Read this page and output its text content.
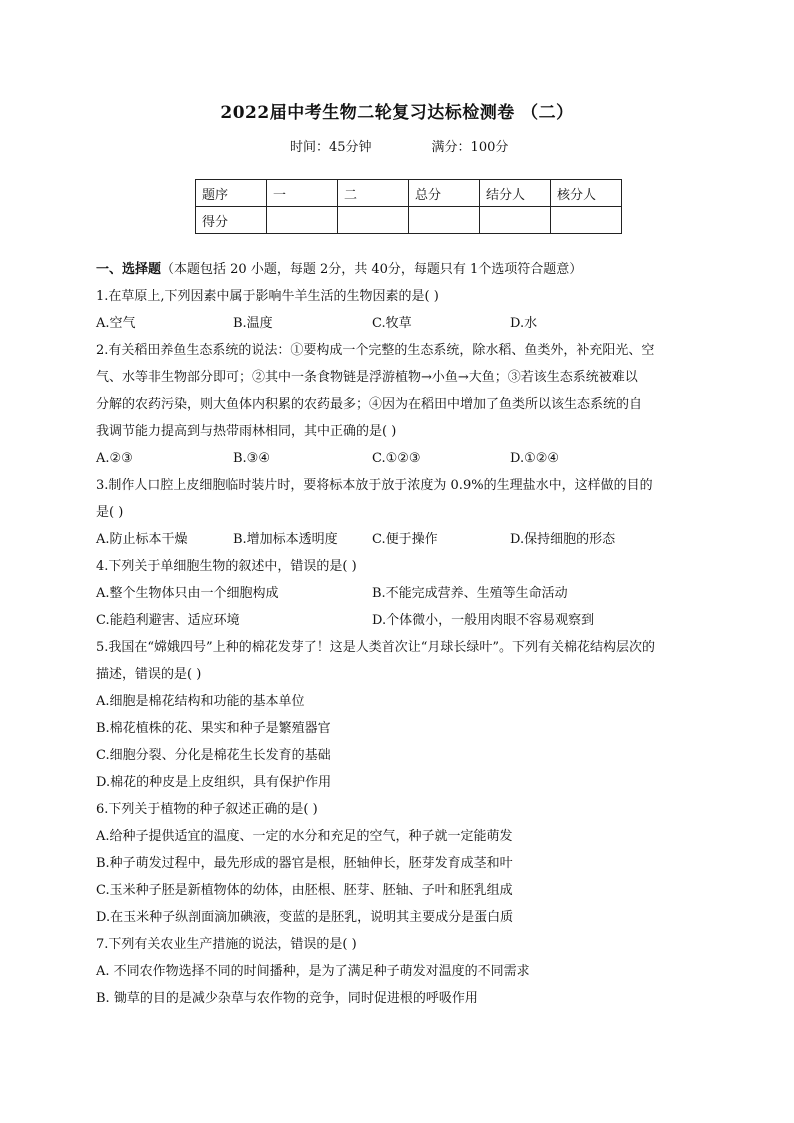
2022届中考生物二轮复习达标检测卷 （二）
时间：45分钟	满分：100分
题序	一	二	总分	结分人	核分人
得分					
一、选择题（本题包括 20 小题，每题 2分，共 40分，每题只有 1个选项符合题意）
1.在草原上,下列因素中属于影响牛羊生活的生物因素的是( )
A.空气	B.温度	C.牧草	D.水
2.有关稻田养鱼生态系统的说法：①要构成一个完整的生态系统，除水稻、鱼类外，补充阳光、空
气、水等非生物部分即可；②其中一条食物链是浮游植物→小鱼→大鱼；③若该生态系统被难以
分解的农药污染，则大鱼体内积累的农药最多；④因为在稻田中增加了鱼类所以该生态系统的自
我调节能力提高到与热带雨林相同，其中正确的是( )
A.②③	B.③④	C.①②③	D.①②④
3.制作人口腔上皮细胞临时装片时，要将标本放于放于浓度为 0.9%的生理盐水中，这样做的目的
是( )
A.防止标本干燥	B.增加标本透明度	C.便于操作	D.保持细胞的形态
4.下列关于单细胞生物的叙述中，错误的是( )
A.整个生物体只由一个细胞构成	B.不能完成营养、生殖等生命活动
C.能趋利避害、适应环境	D.个体微小，一般用肉眼不容易观察到
5.我国在“嫦娥四号”上种的棉花发芽了！这是人类首次让“月球长绿叶”。下列有关棉花结构层次的
描述，错误的是( )
A.细胞是棉花结构和功能的基本单位
B.棉花植株的花、果实和种子是繁殖器官
C.细胞分裂、分化是棉花生长发育的基础
D.棉花的种皮是上皮组织，具有保护作用
6.下列关于植物的种子叙述正确的是( )
A.给种子提供适宜的温度、一定的水分和充足的空气，种子就一定能萌发
B.种子萌发过程中，最先形成的器官是根，胚轴伸长，胚芽发育成茎和叶
C.玉米种子胚是新植物体的幼体，由胚根、胚芽、胚轴、子叶和胚乳组成
D.在玉米种子纵剖面滴加碘液，变蓝的是胚乳，说明其主要成分是蛋白质
7.下列有关农业生产措施的说法，错误的是( )
A. 不同农作物选择不同的时间播种，是为了满足种子萌发对温度的不同需求
B. 锄草的目的是减少杂草与农作物的竞争，同时促进根的呼吸作用
